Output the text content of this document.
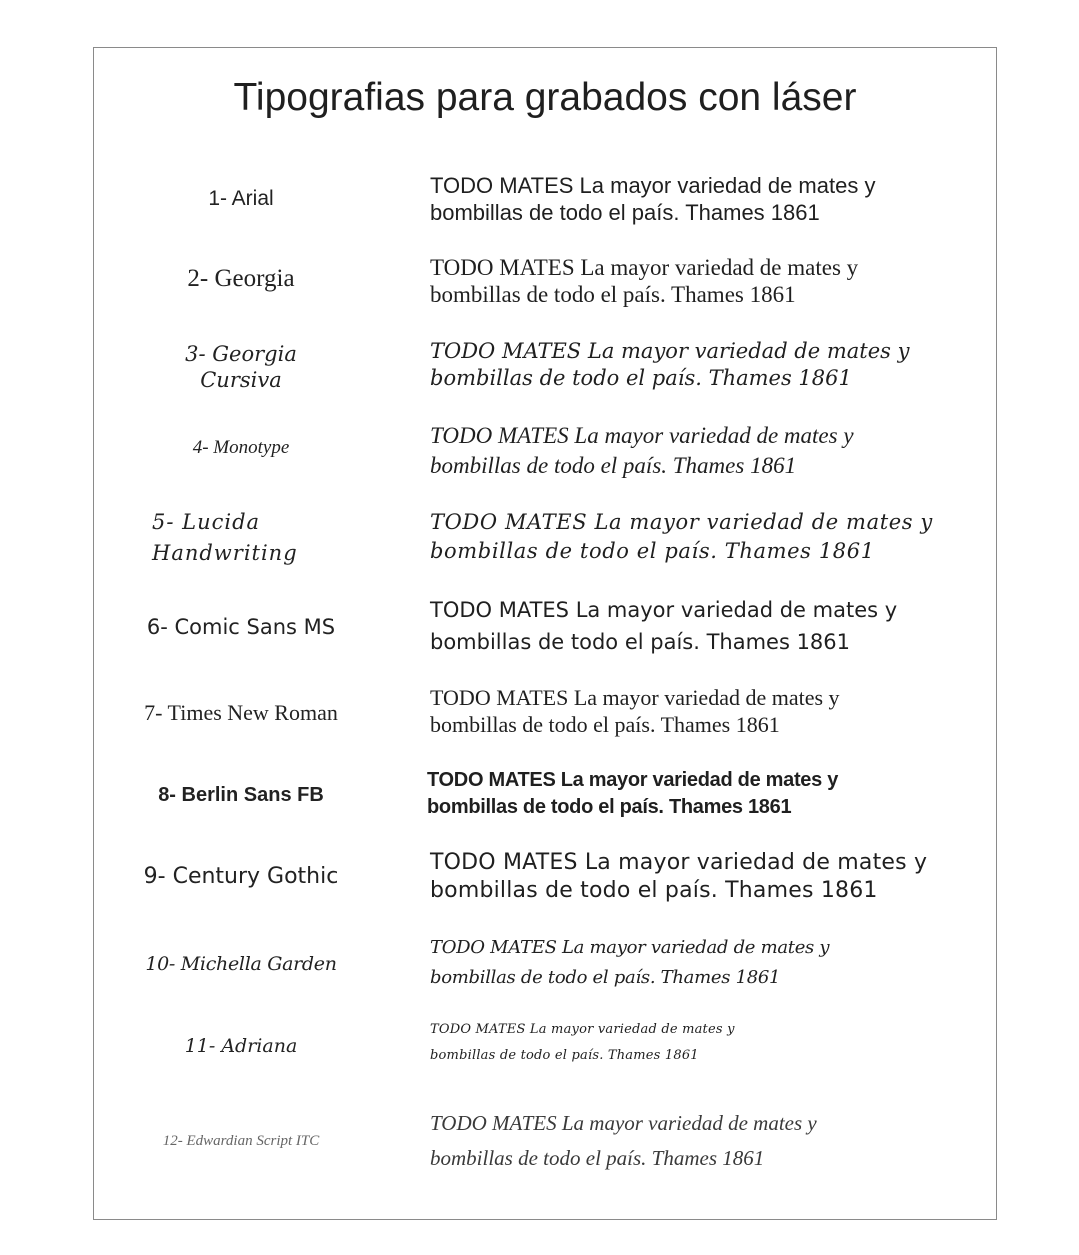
Tipografias para grabados con láser
1- Arial
TODO MATES La mayor variedad de mates y
bombillas de todo el país. Thames 1861
2- Georgia	TODO MATES La mayor variedad de mates y
bombillas de todo el país. Thames 1861
3- Georgia
Cursiva
TODO MATES La mayor variedad de mates y
bombillas de todo el país. Thames 1861
4- Monotype	TODO MATES La mayor variedad de mates y
bombillas de todo el país. Thames 1861
5- Lucida
Handwriting
TODO MATES La mayor variedad de mates y
bombillas de todo el país. Thames 1861
6- Comic Sans MS
TODO MATES La mayor variedad de mates y
bombillas de todo el país. Thames 1861
7- Times New Roman
TODO MATES La mayor variedad de mates y
bombillas de todo el país. Thames 1861
8- Berlin Sans FB
TODO MATES La mayor variedad de mates y
bombillas de todo el país. Thames 1861
9- Century Gothic
TODO MATES La mayor variedad de mates y
bombillas de todo el país. Thames 1861
10- Michella Garden
TODO MATES La mayor variedad de mates y
bombillas de todo el país. Thames 1861
11- Adriana
TODO MATES La mayor variedad de mates y
bombillas de todo el país. Thames 1861
12- Edwardian Script ITC
TODO MATES La mayor variedad de mates y
bombillas de todo el país. Thames 1861
